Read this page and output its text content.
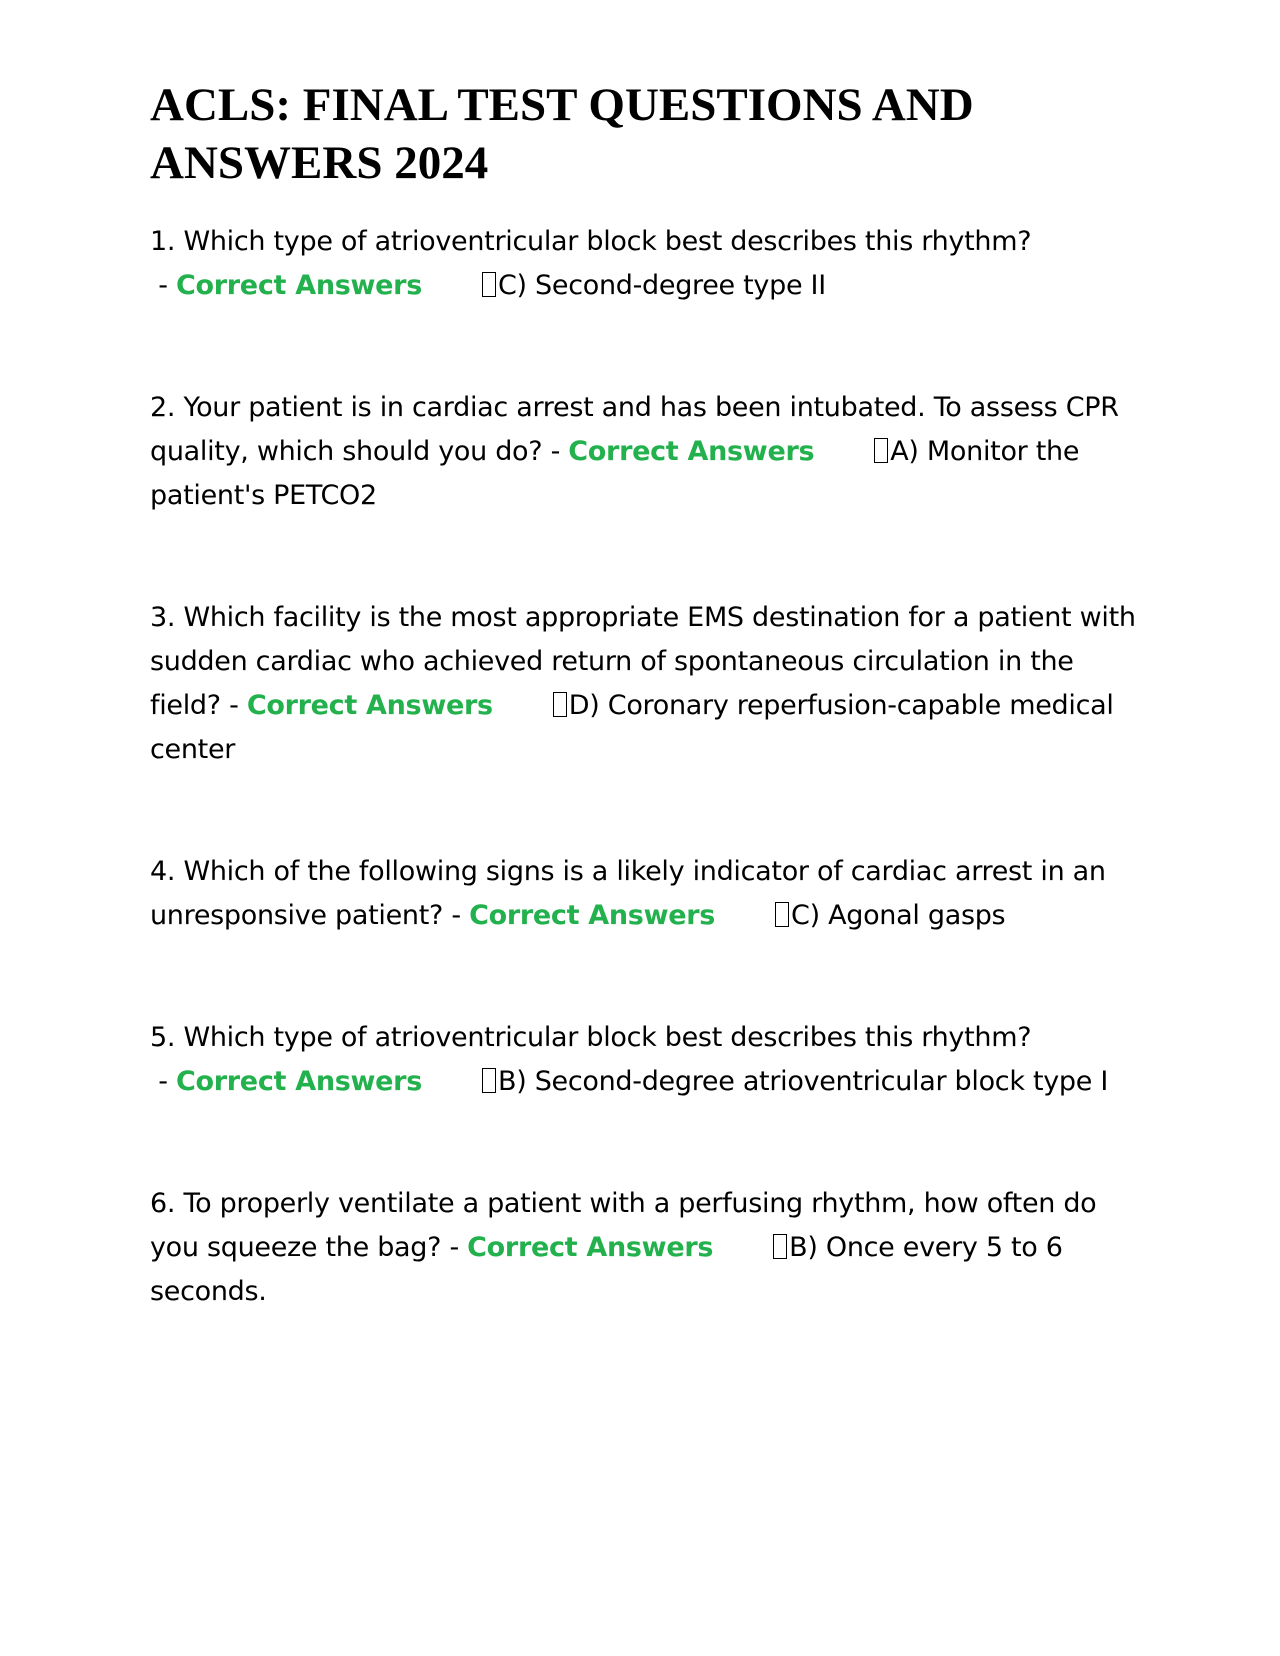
ACLS: FINAL TEST QUESTIONS AND ANSWERS 2024
1 . Which type of atrioventricular block best describes this rhythm? - Correct Answers	C) Second-degree type II
2 . Your patient is in cardiac arrest and has been intubated. To assess CPR quality, which should you do? - Correct Answers	A) Monitor the patient's PETCO2
3 . Which facility is the most appropriate EMS destination for a patient with sudden cardiac who achieved return of spontaneous circulation in the field? - Correct Answers	D) Coronary reperfusion-capable medical center
4 . Which of the following signs is a likely indicator of cardiac arrest in an unresponsive patient? - Correct Answers	C) Agonal gasps
5 . Which type of atrioventricular block best describes this rhythm? - Correct Answers	B) Second-degree atrioventricular block type I
6 . To properly ventilate a patient with a perfusing rhythm, how often do you squeeze the bag? - Correct Answers	B) Once every 5 to 6 seconds.
